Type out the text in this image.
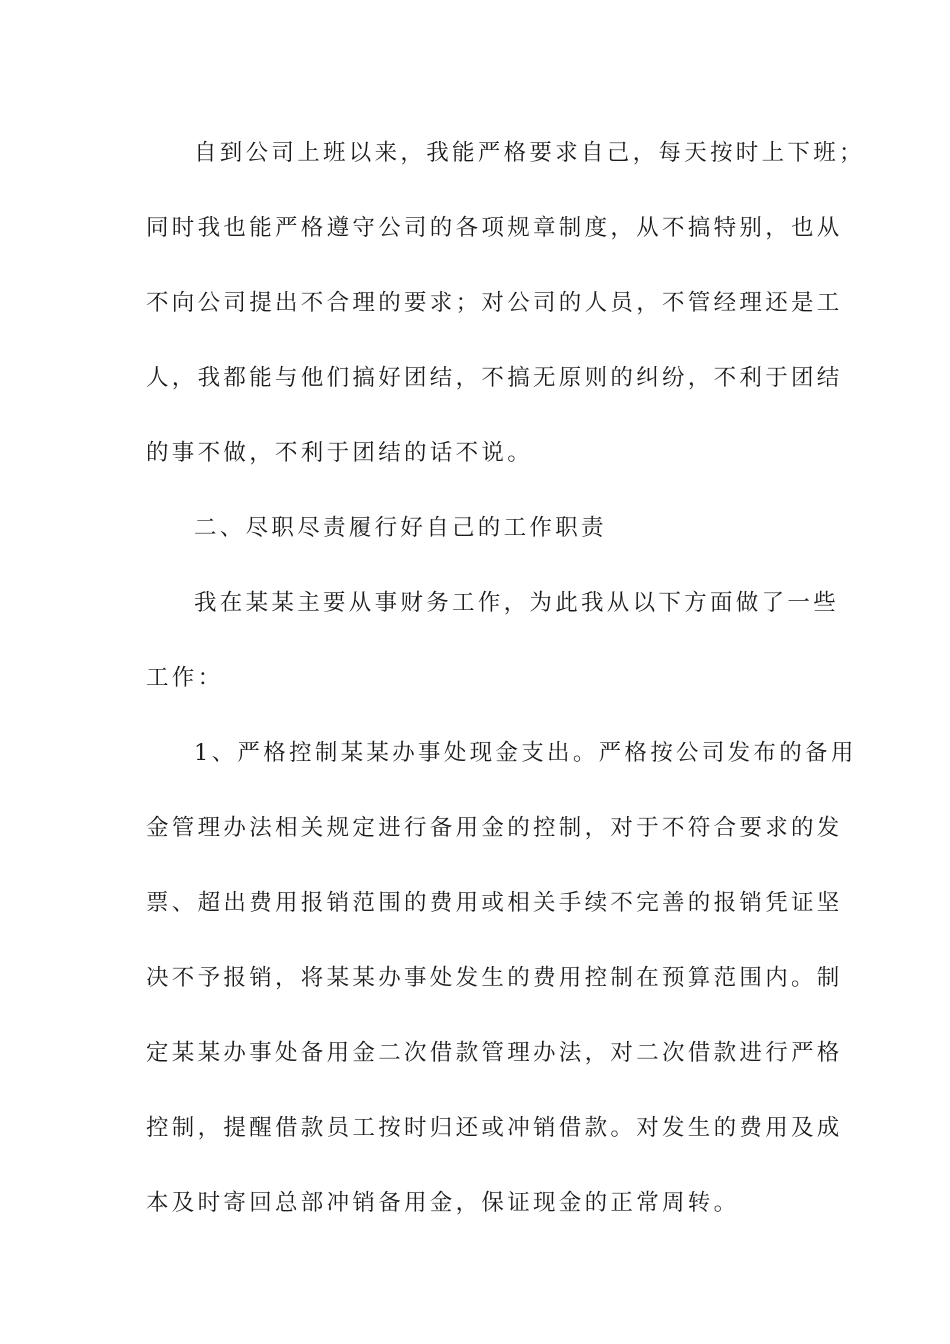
自到公司上班以来，我能严格要求自己，每天按时上下班；
同时我也能严格遵守公司的各项规章制度，从不搞特别，也从
不向公司提出不合理的要求；对公司的人员，不管经理还是工
人，我都能与他们搞好团结，不搞无原则的纠纷，不利于团结
的事不做，不利于团结的话不说。
二、尽职尽责履行好自己的工作职责
我在某某主要从事财务工作，为此我从以下方面做了一些
工作：
1、严格控制某某办事处现金支出。严格按公司发布的备用
金管理办法相关规定进行备用金的控制，对于不符合要求的发
票、超出费用报销范围的费用或相关手续不完善的报销凭证坚
决不予报销，将某某办事处发生的费用控制在预算范围内。制
定某某办事处备用金二次借款管理办法，对二次借款进行严格
控制，提醒借款员工按时归还或冲销借款。对发生的费用及成
本及时寄回总部冲销备用金，保证现金的正常周转。
